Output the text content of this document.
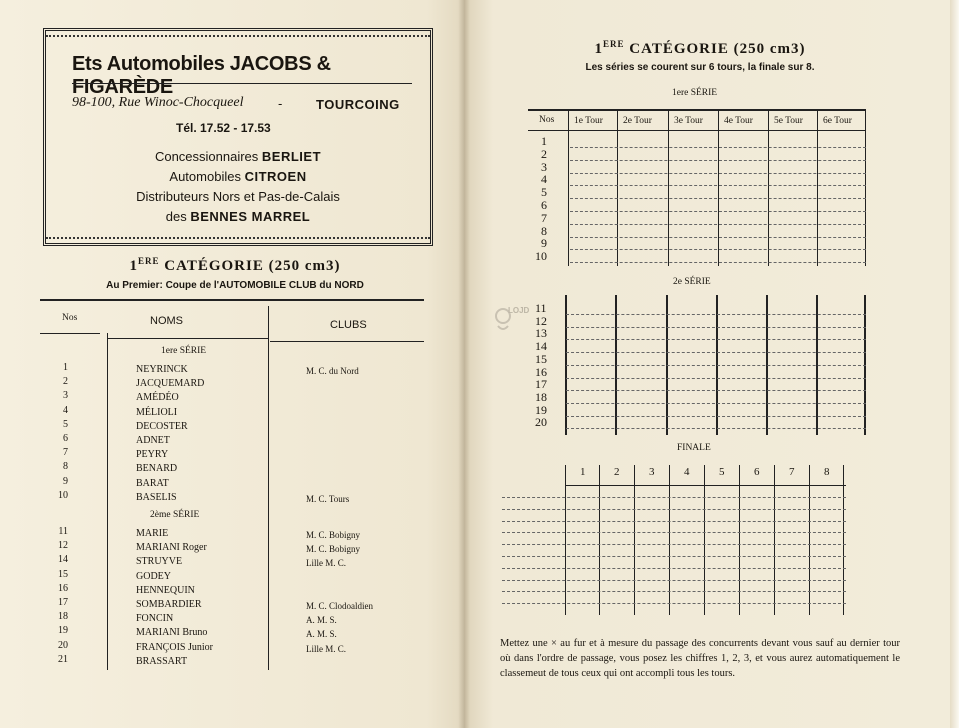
Ets Automobiles JACOBS & FIGARÈDE
98-100, Rue Winoc-Chocqueel	-	TOURCOING
Tél. 17.52 - 17.53
Concessionnaires BERLIET
Automobiles CITROEN
Distributeurs Nors et Pas-de-Calais
des BENNES MARREL
1ERE CATÉGORIE (250 cm3)
Au Premier: Coupe de l'AUTOMOBILE CLUB du NORD
Nos	NOMS	CLUBS
1ere SÉRIE
2ème SÉRIE
1	NEYRINCK	M. C. du Nord
2	JACQUEMARD
3	AMÉDÉO
4	MÉLIOLI
5	DECOSTER
6	ADNET
7	PEYRY
8	BENARD
9	BARAT
10	BASELIS	M. C. Tours
11	MARIE	M. C. Bobigny
12	MARIANI Roger	M. C. Bobigny
14	STRUYVE	Lille M. C.
15	GODEY
16	HENNEQUIN
17	SOMBARDIER	M. C. Clodoaldien
18	FONCIN	A. M. S.
19	MARIANI Bruno	A. M. S.
20	FRANÇOIS Junior	Lille M. C.
21	BRASSART
1ERE CATÉGORIE (250 cm3)
Les séries se courent sur 6 tours, la finale sur 8.
1ere SÉRIE
Nos 1e Tour 2e Tour 3e Tour 4e Tour 5e Tour 6e Tour
1
2
3
4
5
6
7
8
9
10
2e SÉRIE
11
12
13
14
15
16
17
18
19
20
FINALE
1	2	3	4	5	6	7	8
LOJD
Mettez une × au fur et à mesure du passage des concurrents devant vous sauf au dernier tour où dans l'ordre de passage, vous posez les chiffres 1, 2, 3, et vous aurez automatiquement le classemeut de tous ceux qui ont accompli tous les tours.
